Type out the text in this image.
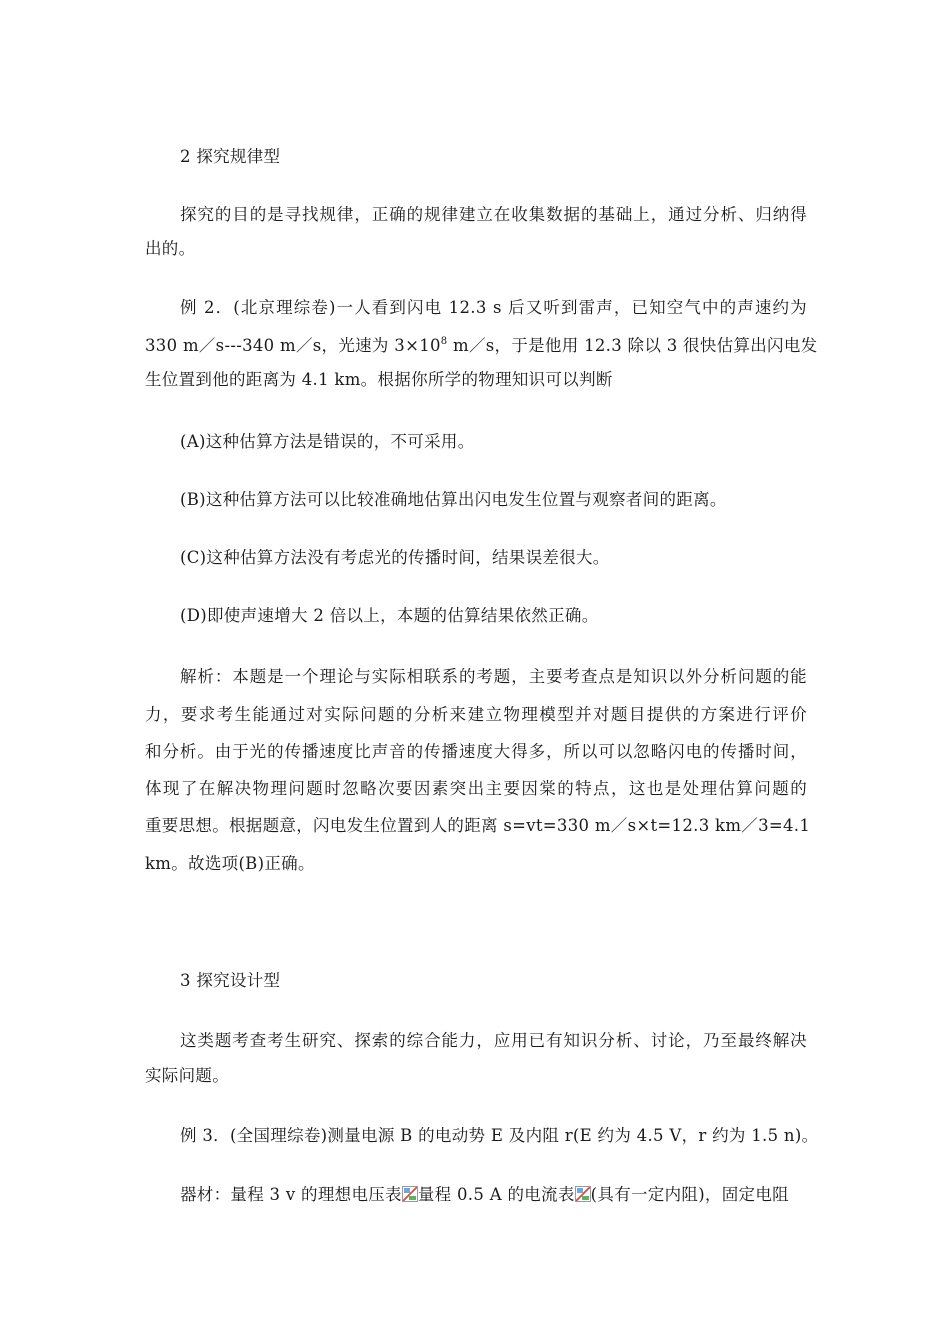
2 探究规律型
探究的目的是寻找规律，正确的规律建立在收集数据的基础上，通过分析、归纳得
出的。
例 2．(北京理综卷)一人看到闪电 12.3 s 后又听到雷声，已知空气中的声速约为
330 m／s---340 m／s，光速为 $3\times 10^8$ m／s，于是他用 12.3 除以 3 很快估算出闪电发
生位置到他的距离为 4.1 km。根据你所学的物理知识可以判断
(A)这种估算方法是错误的，不可采用。
(B)这种估算方法可以比较准确地估算出闪电发生位置与观察者间的距离。
(C)这种估算方法没有考虑光的传播时间，结果误差很大。
(D)即使声速增大 2 倍以上，本题的估算结果依然正确。
解析：本题是一个理论与实际相联系的考题，主要考查点是知识以外分析问题的能
力，要求考生能通过对实际问题的分析来建立物理模型并对题目提供的方案进行评价
和分析。由于光的传播速度比声音的传播速度大得多，所以可以忽略闪电的传播时间，
体现了在解决物理问题时忽略次要因素突出主要因棠的特点，这也是处理估算问题的
重要思想。根据题意，闪电发生位置到人的距离 s=vt=330 m／s×t=12.3 km／3=4.1
km。故选项(B)正确。
3 探究设计型
这类题考查考生研究、探索的综合能力，应用已有知识分析、讨论，乃至最终解决
实际问题。
例 3．(全国理综卷)测量电源 B 的电动势 E 及内阻 r(E 约为 4.5 V，r 约为 1.5 n)。
器材：量程 3 v 的理想电压表 量程 0.5 A 的电流表 (具有一定内阻)，固定电阻
